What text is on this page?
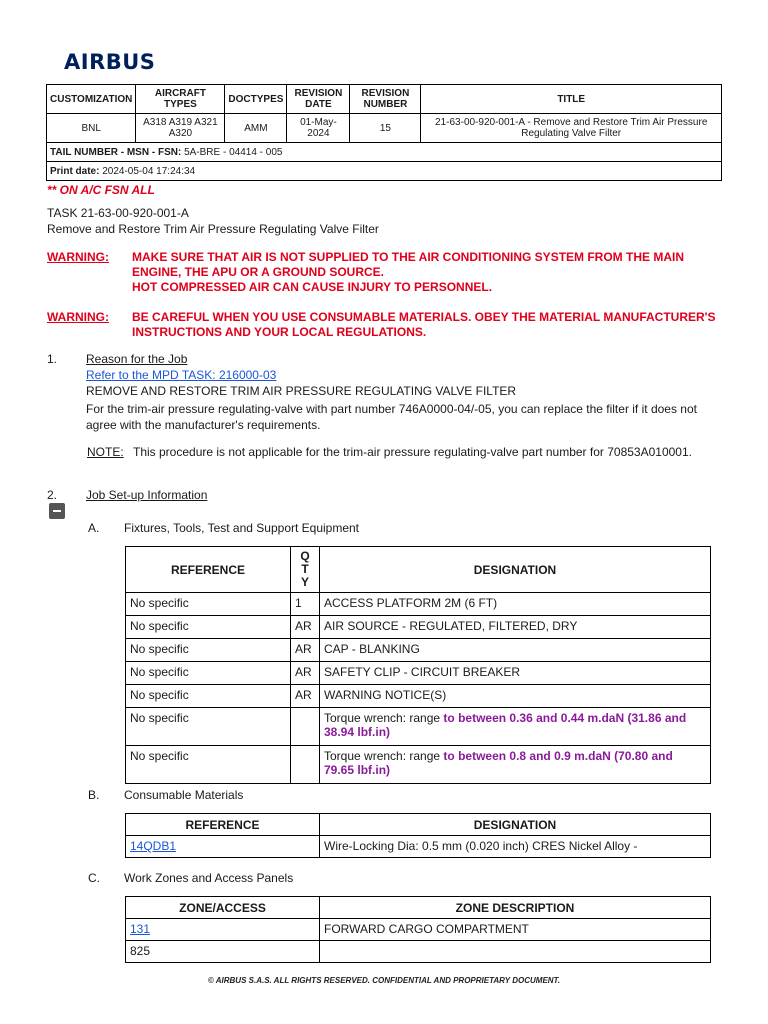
AIRBUS
CUSTOMIZATION	AIRCRAFT TYPES	DOCTYPES	REVISION DATE	REVISION NUMBER	TITLE
BNL	A318 A319 A321 A320	AMM	01-May-2024	15	21-63-00-920-001-A - Remove and Restore Trim Air Pressure Regulating Valve Filter
TAIL NUMBER - MSN - FSN: 5A-BRE - 04414 - 005					
Print date: 2024-05-04 17:24:34					
** ON A/C FSN ALL
TASK 21-63-00-920-001-A
Remove and Restore Trim Air Pressure Regulating Valve Filter
WARNING: MAKE SURE THAT AIR IS NOT SUPPLIED TO THE AIR CONDITIONING SYSTEM FROM THE MAIN ENGINE, THE APU OR A GROUND SOURCE.
HOT COMPRESSED AIR CAN CAUSE INJURY TO PERSONNEL.
WARNING: BE CAREFUL WHEN YOU USE CONSUMABLE MATERIALS. OBEY THE MATERIAL MANUFACTURER'S INSTRUCTIONS AND YOUR LOCAL REGULATIONS.
1. Reason for the Job
Refer to the MPD TASK: 216000-03
REMOVE AND RESTORE TRIM AIR PRESSURE REGULATING VALVE FILTER
For the trim-air pressure regulating-valve with part number 746A0000-04/-05, you can replace the filter if it does not agree with the manufacturer's requirements.
NOTE: This procedure is not applicable for the trim-air pressure regulating-valve part number for 70853A010001.
2. Job Set-up Information
A. Fixtures, Tools, Test and Support Equipment
REFERENCE	QTY	DESIGNATION
No specific	1	ACCESS PLATFORM 2M (6 FT)
No specific	AR	AIR SOURCE - REGULATED, FILTERED, DRY
No specific	AR	CAP - BLANKING
No specific	AR	SAFETY CLIP - CIRCUIT BREAKER
No specific	AR	WARNING NOTICE(S)
No specific		Torque wrench: range to between 0.36 and 0.44 m.daN (31.86 and 38.94 lbf.in)
No specific		Torque wrench: range to between 0.8 and 0.9 m.daN (70.80 and 79.65 lbf.in)
B. Consumable Materials
REFERENCE	DESIGNATION
14QDB1	Wire-Locking Dia: 0.5 mm (0.020 inch) CRES Nickel Alloy -
C. Work Zones and Access Panels
ZONE/ACCESS	ZONE DESCRIPTION
131	FORWARD CARGO COMPARTMENT
825	
© AIRBUS S.A.S. ALL RIGHTS RESERVED. CONFIDENTIAL AND PROPRIETARY DOCUMENT.
